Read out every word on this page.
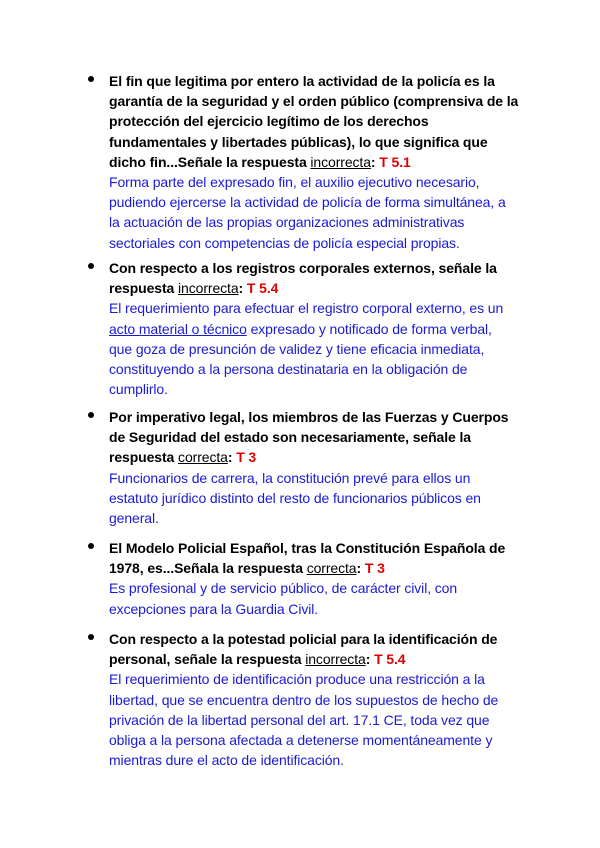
El fin que legitima por entero la actividad de la policía es la
garantía de la seguridad y el orden público (comprensiva de la
protección del ejercicio legítimo de los derechos
fundamentales y libertades públicas), lo que significa que
dicho fin...Señale la respuesta incorrecta: T 5.1
Forma parte del expresado fin, el auxilio ejecutivo necesario,
pudiendo ejercerse la actividad de policía de forma simultánea, a
la actuación de las propias organizaciones administrativas
sectoriales con competencias de policía especial propias.
Con respecto a los registros corporales externos, señale la
respuesta incorrecta: T 5.4
El requerimiento para efectuar el registro corporal externo, es un
acto material o técnico expresado y notificado de forma verbal,
que goza de presunción de validez y tiene eficacia inmediata,
constituyendo a la persona destinataria en la obligación de
cumplirlo.
Por imperativo legal, los miembros de las Fuerzas y Cuerpos
de Seguridad del estado son necesariamente, señale la
respuesta correcta: T 3
Funcionarios de carrera, la constitución prevé para ellos un
estatuto jurídico distinto del resto de funcionarios públicos en
general.
El Modelo Policial Español, tras la Constitución Española de
1978, es...Señala la respuesta correcta: T 3
Es profesional y de servicio público, de carácter civil, con
excepciones para la Guardia Civil.
Con respecto a la potestad policial para la identificación de
personal, señale la respuesta incorrecta: T 5.4
El requerimiento de identificación produce una restricción a la
libertad, que se encuentra dentro de los supuestos de hecho de
privación de la libertad personal del art. 17.1 CE, toda vez que
obliga a la persona afectada a detenerse momentáneamente y
mientras dure el acto de identificación.
